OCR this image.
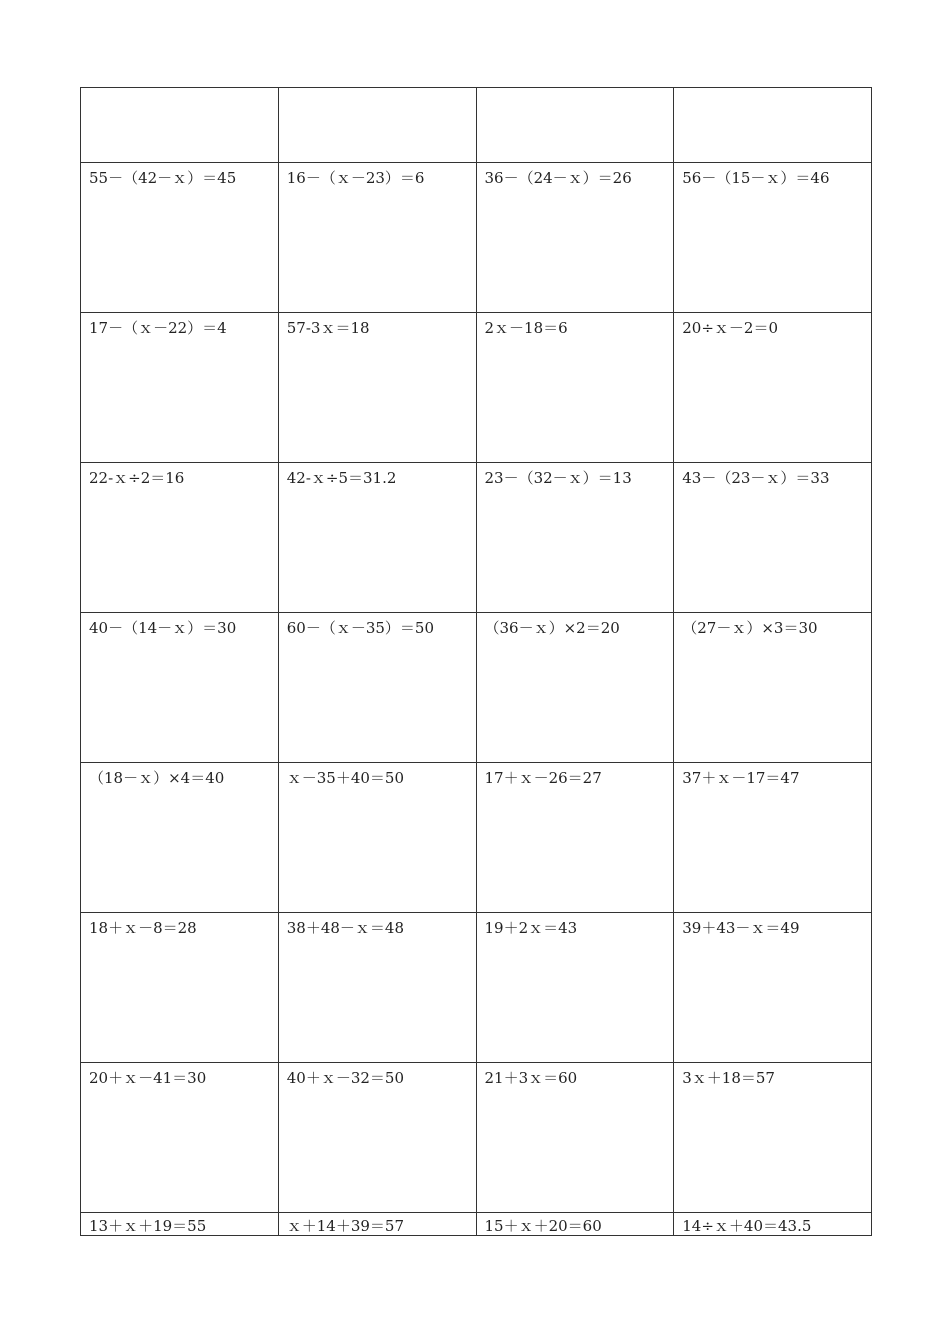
55－（42－ｘ）＝45	16－（ｘ－23）＝6	36－（24－ｘ）＝26	56－（15－ｘ）＝46
17－（ｘ－22）＝4	57-3ｘ＝18	2ｘ－18＝6	20÷ｘ－2＝0
22-ｘ÷2＝16	42-ｘ÷5＝31.2	23－（32－ｘ）＝13	43－（23－ｘ）＝33
40－（14－ｘ）＝30	60－（ｘ－35）＝50	（36－ｘ）×2＝20	（27－ｘ）×3＝30
（18－ｘ）×4＝40	ｘ－35＋40＝50	17＋ｘ－26＝27	37＋ｘ－17＝47
18＋ｘ－8＝28	38＋48－ｘ＝48	19＋2ｘ＝43	39＋43－ｘ＝49
20＋ｘ－41＝30	40＋ｘ－32＝50	21＋3ｘ＝60	3ｘ＋18＝57
13＋ｘ＋19＝55	ｘ＋14＋39＝57	15＋ｘ＋20＝60	14÷ｘ＋40＝43.5
